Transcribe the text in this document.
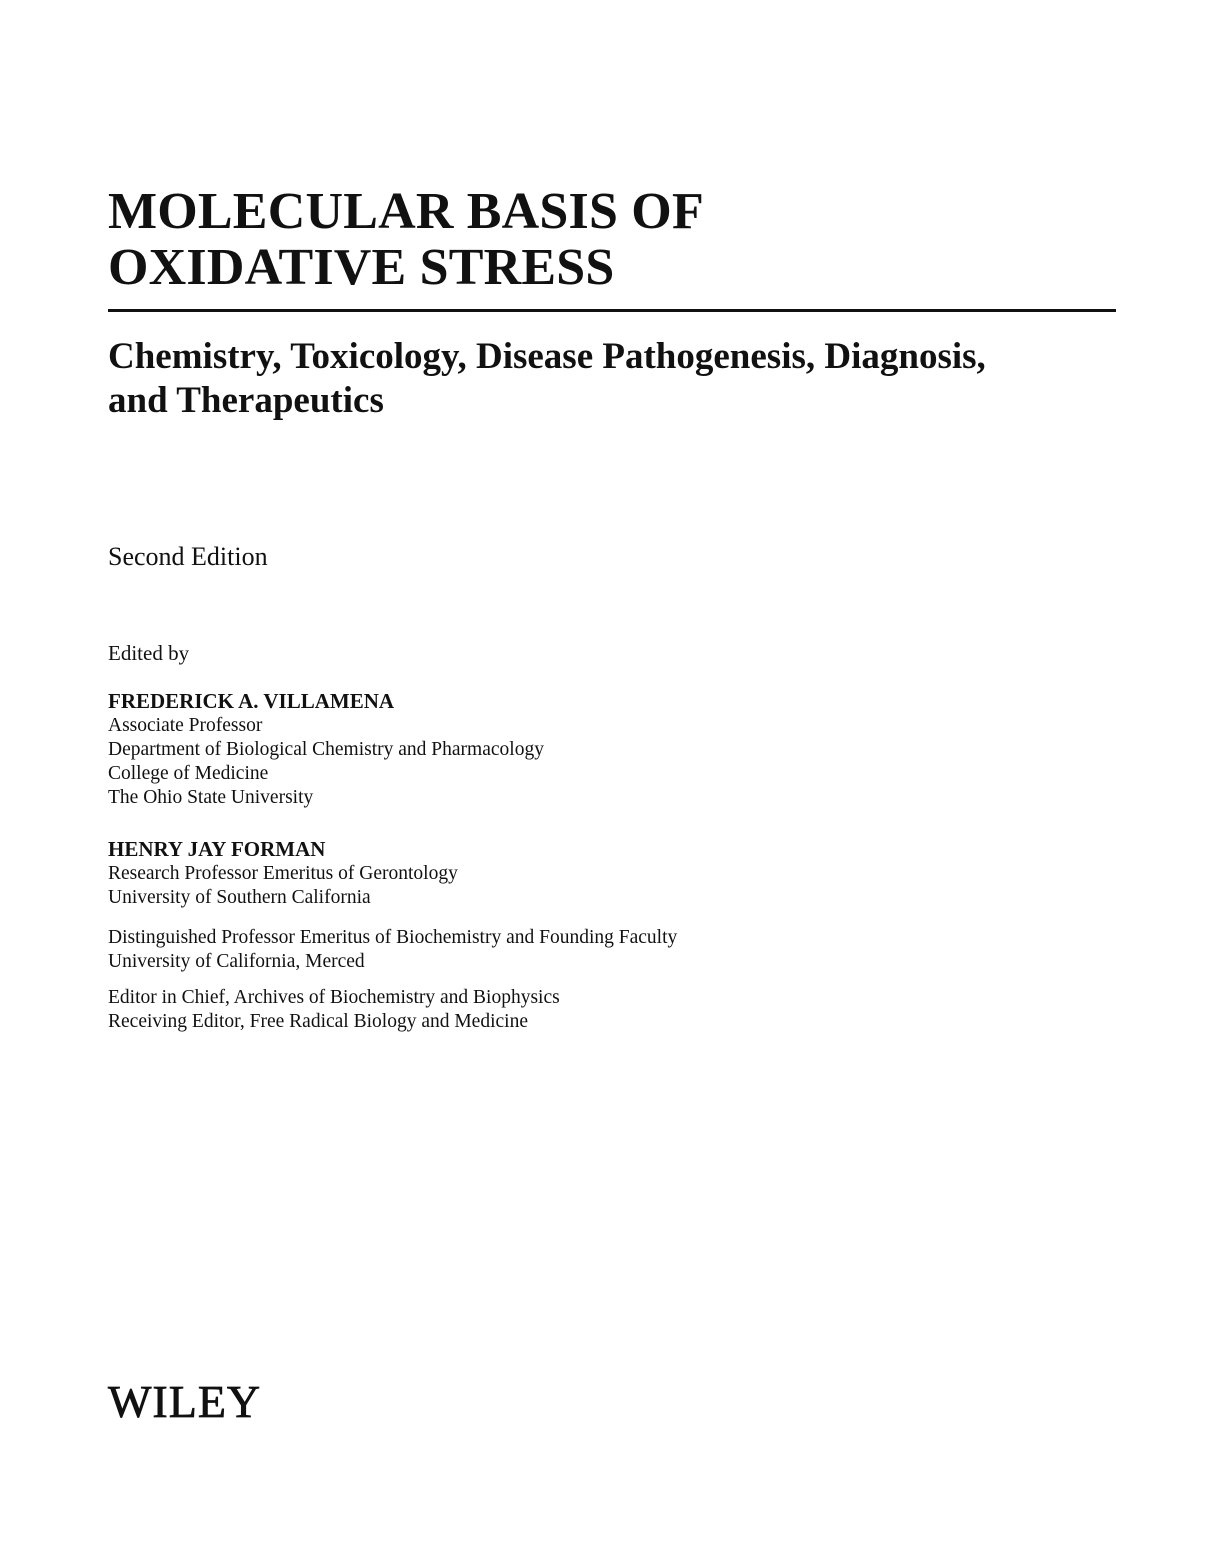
MOLECULAR BASIS OF
OXIDATIVE STRESS
Chemistry, Toxicology, Disease Pathogenesis, Diagnosis,
and Therapeutics
Second Edition
Edited by
FREDERICK A. VILLAMENA
Associate Professor
Department of Biological Chemistry and Pharmacology
College of Medicine
The Ohio State University
HENRY JAY FORMAN
Research Professor Emeritus of Gerontology
University of Southern California
Distinguished Professor Emeritus of Biochemistry and Founding Faculty
University of California, Merced
Editor in Chief, Archives of Biochemistry and Biophysics
Receiving Editor, Free Radical Biology and Medicine
WILEY
